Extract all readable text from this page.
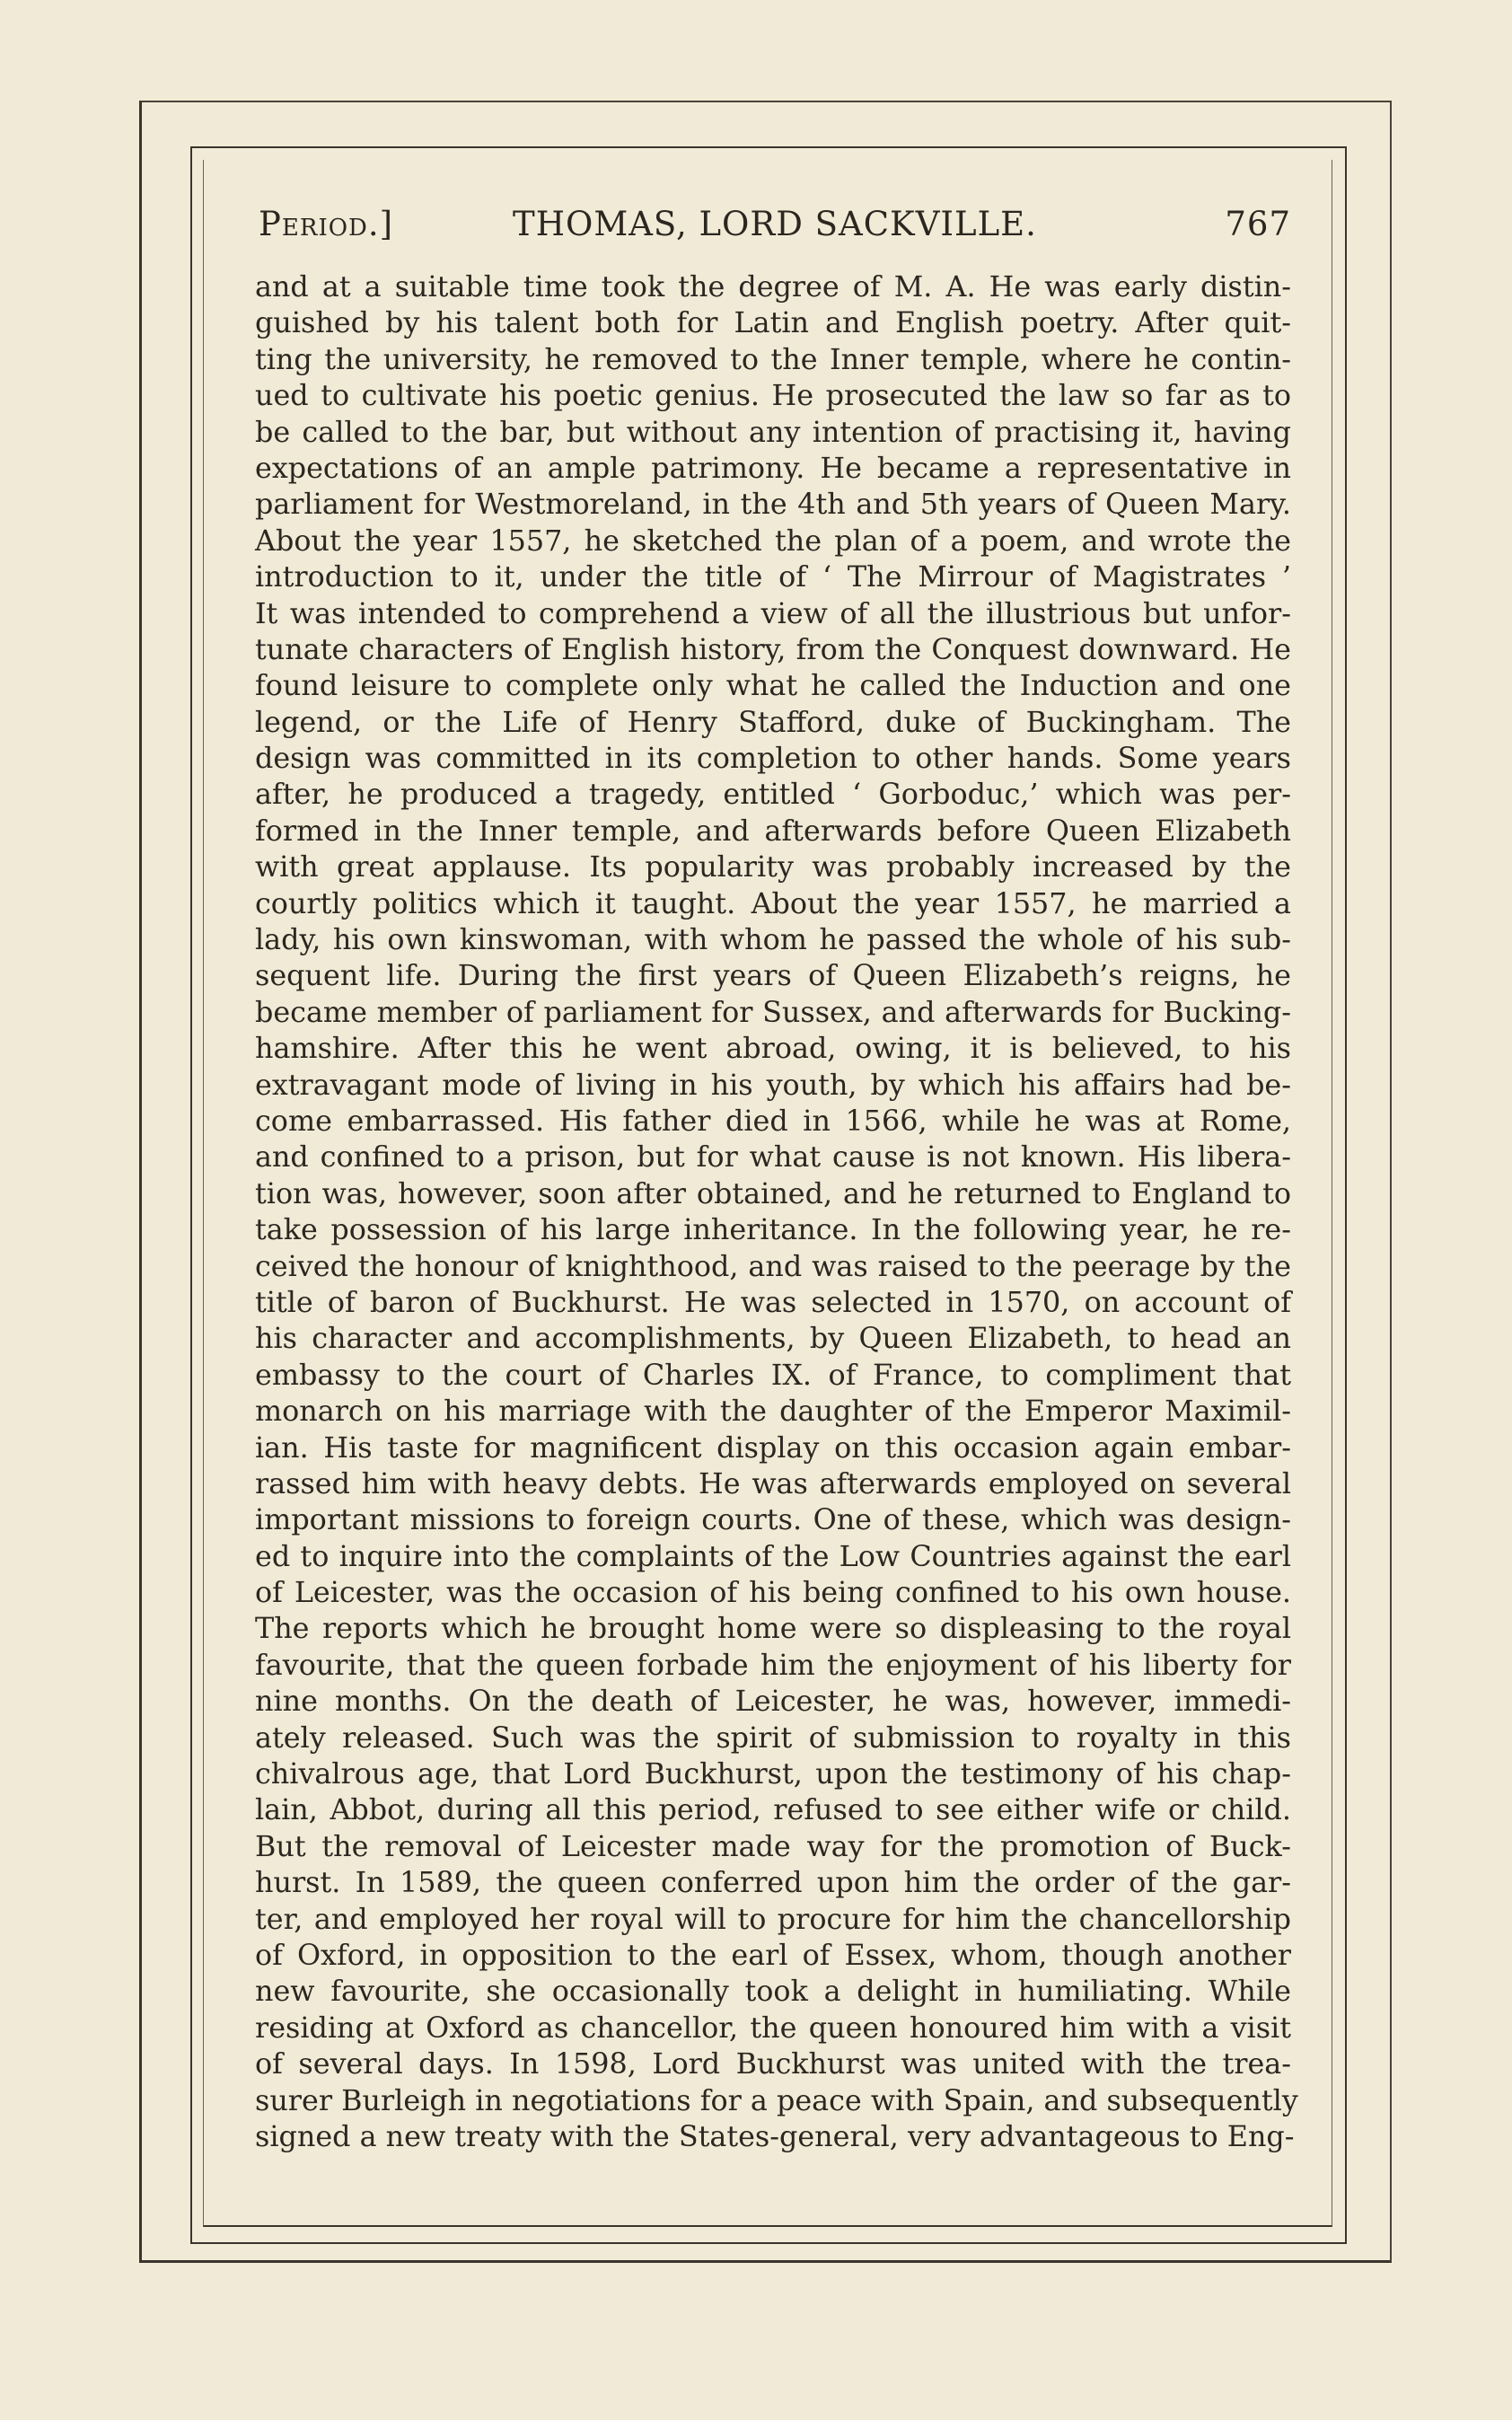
Period.]	THOMAS, LORD SACKVILLE.	767
and at a suitable time took the degree of M. A. He was early distin-
guished by his talent both for Latin and English poetry. After quit-
ting the university, he removed to the Inner temple, where he contin-
ued to cultivate his poetic genius. He prosecuted the law so far as to
be called to the bar, but without any intention of practising it, having
expectations of an ample patrimony. He became a representative in
parliament for Westmoreland, in the 4th and 5th years of Queen Mary.
About the year 1557, he sketched the plan of a poem, and wrote the
introduction to it, under the title of ‘ The Mirrour of Magistrates ’
It was intended to comprehend a view of all the illustrious but unfor-
tunate characters of English history, from the Conquest downward. He
found leisure to complete only what he called the Induction and one
legend, or the Life of Henry Stafford, duke of Buckingham. The
design was committed in its completion to other hands. Some years
after, he produced a tragedy, entitled ‘ Gorboduc,’ which was per-
formed in the Inner temple, and afterwards before Queen Elizabeth
with great applause. Its popularity was probably increased by the
courtly politics which it taught. About the year 1557, he married a
lady, his own kinswoman, with whom he passed the whole of his sub-
sequent life. During the first years of Queen Elizabeth’s reigns, he
became member of parliament for Sussex, and afterwards for Bucking-
hamshire. After this he went abroad, owing, it is believed, to his
extravagant mode of living in his youth, by which his affairs had be-
come embarrassed. His father died in 1566, while he was at Rome,
and confined to a prison, but for what cause is not known. His libera-
tion was, however, soon after obtained, and he returned to England to
take possession of his large inheritance. In the following year, he re-
ceived the honour of knighthood, and was raised to the peerage by the
title of baron of Buckhurst. He was selected in 1570, on account of
his character and accomplishments, by Queen Elizabeth, to head an
embassy to the court of Charles IX. of France, to compliment that
monarch on his marriage with the daughter of the Emperor Maximil-
ian. His taste for magnificent display on this occasion again embar-
rassed him with heavy debts. He was afterwards employed on several
important missions to foreign courts. One of these, which was design-
ed to inquire into the complaints of the Low Countries against the earl
of Leicester, was the occasion of his being confined to his own house.
The reports which he brought home were so displeasing to the royal
favourite, that the queen forbade him the enjoyment of his liberty for
nine months. On the death of Leicester, he was, however, immedi-
ately released. Such was the spirit of submission to royalty in this
chivalrous age, that Lord Buckhurst, upon the testimony of his chap-
lain, Abbot, during all this period, refused to see either wife or child.
But the removal of Leicester made way for the promotion of Buck-
hurst. In 1589, the queen conferred upon him the order of the gar-
ter, and employed her royal will to procure for him the chancellorship
of Oxford, in opposition to the earl of Essex, whom, though another
new favourite, she occasionally took a delight in humiliating. While
residing at Oxford as chancellor, the queen honoured him with a visit
of several days. In 1598, Lord Buckhurst was united with the trea-
surer Burleigh in negotiations for a peace with Spain, and subsequently
signed a new treaty with the States-general, very advantageous to Eng-
